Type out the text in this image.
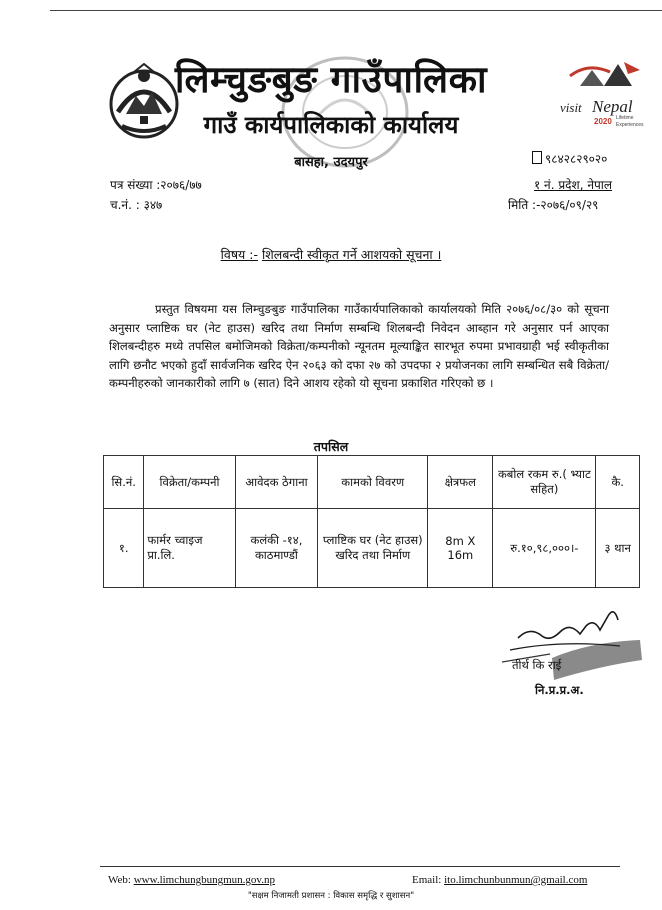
visit Nepal
2020 Lifetime
Experiences
लिम्चुङबुङ गाउँपालिका
गाउँ कार्यपालिकाको कार्यालय
बासहा, उदयपुर	९८४२८२९०२०
पत्र संख्या :२०७६/७७
च.नं. : ३४७
१ नं. प्रदेश, नेपाल
मिति :-२०७६/०९/२९
विषय :- शिलबन्दी स्वीकृत गर्ने आशयको सूचना ।
प्रस्तुत विषयमा यस लिम्चुङबुङ गाउँपालिका गाउँकार्यपालिकाको कार्यालयको मिति २०७६/०८/३० को सूचना अनुसार प्लाष्टिक घर (नेट हाउस) खरिद तथा निर्माण सम्बन्धि शिलबन्दी निवेदन आब्हान गरे अनुसार पर्न आएका शिलबन्दीहरु मध्ये तपसिल बमोजिमको विक्रेता/कम्पनीको न्यूनतम मूल्याङ्कित सारभूत रुपमा प्रभावग्राही भई स्वीकृतीका लागि छनौट भएको हुदाँ सार्वजनिक खरिद ऐन २०६३ को दफा २७ को उपदफा २ प्रयोजनका लागि सम्बन्धित सबै विक्रेता/कम्पनीहरुको जानकारीको लागि ७ (सात) दिने आशय रहेको यो सूचना प्रकाशित गरिएको छ ।
तपसिल
सि.नं.	विक्रेता/कम्पनी	आवेदक ठेगाना	कामको विवरण	क्षेत्रफल	कबोल रकम रु.( भ्याट सहित)	कै.
१.	फार्मर च्वाइज प्रा.लि.	कलंकी -१४, काठमाण्डौं	प्लाष्टिक घर (नेट हाउस) खरिद तथा निर्माण	8m X 16m	रु.१०,९८,०००।-	३ थान
तीर्थ कि राई
नि.प्र.प्र.अ.
Web: www.limchungbungmun.gov.np	Email: ito.limchunbunmun@gmail.com
"सक्षम निजामती प्रशासन : विकास समृद्धि र सुशासन"
